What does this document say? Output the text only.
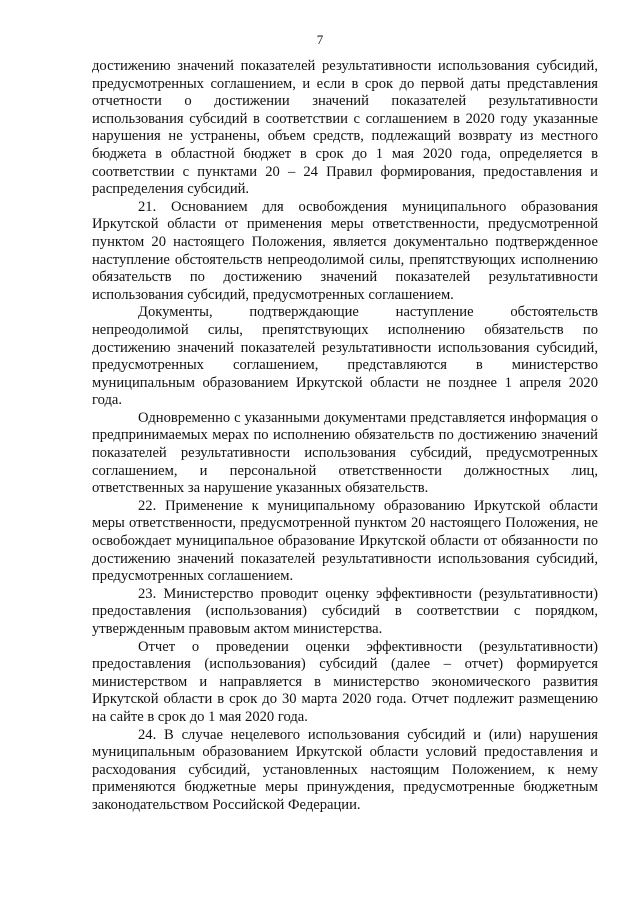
7

достижению значений показателей результативности использования субсидий, предусмотренных соглашением, и если в срок до первой даты представления отчетности о достижении значений показателей результативности использования субсидий в соответствии с соглашением в 2020 году указанные нарушения не устранены, объем средств, подлежащий возврату из местного бюджета в областной бюджет в срок до 1 мая 2020 года, определяется в соответствии с пунктами 20 – 24 Правил формирования, предоставления и распределения субсидий.

21. Основанием для освобождения муниципального образования Иркутской области от применения меры ответственности, предусмотренной пунктом 20 настоящего Положения, является документально подтвержденное наступление обстоятельств непреодолимой силы, препятствующих исполнению обязательств по достижению значений показателей результативности использования субсидий, предусмотренных соглашением.

Документы, подтверждающие наступление обстоятельств непреодолимой силы, препятствующих исполнению обязательств по достижению значений показателей результативности использования субсидий, предусмотренных соглашением, представляются в министерство муниципальным образованием Иркутской области не позднее 1 апреля 2020 года.

Одновременно с указанными документами представляется информация о предпринимаемых мерах по исполнению обязательств по достижению значений показателей результативности использования субсидий, предусмотренных соглашением, и персональной ответственности должностных лиц, ответственных за нарушение указанных обязательств.

22. Применение к муниципальному образованию Иркутской области меры ответственности, предусмотренной пунктом 20 настоящего Положения, не освобождает муниципальное образование Иркутской области от обязанности по достижению значений показателей результативности использования субсидий, предусмотренных соглашением.

23. Министерство проводит оценку эффективности (результативности) предоставления (использования) субсидий в соответствии с порядком, утвержденным правовым актом министерства.

Отчет о проведении оценки эффективности (результативности) предоставления (использования) субсидий (далее – отчет) формируется министерством и направляется в министерство экономического развития Иркутской области в срок до 30 марта 2020 года. Отчет подлежит размещению на сайте в срок до 1 мая 2020 года.

24. В случае нецелевого использования субсидий и (или) нарушения муниципальным образованием Иркутской области условий предоставления и расходования субсидий, установленных настоящим Положением, к нему применяются бюджетные меры принуждения, предусмотренные бюджетным законодательством Российской Федерации.
